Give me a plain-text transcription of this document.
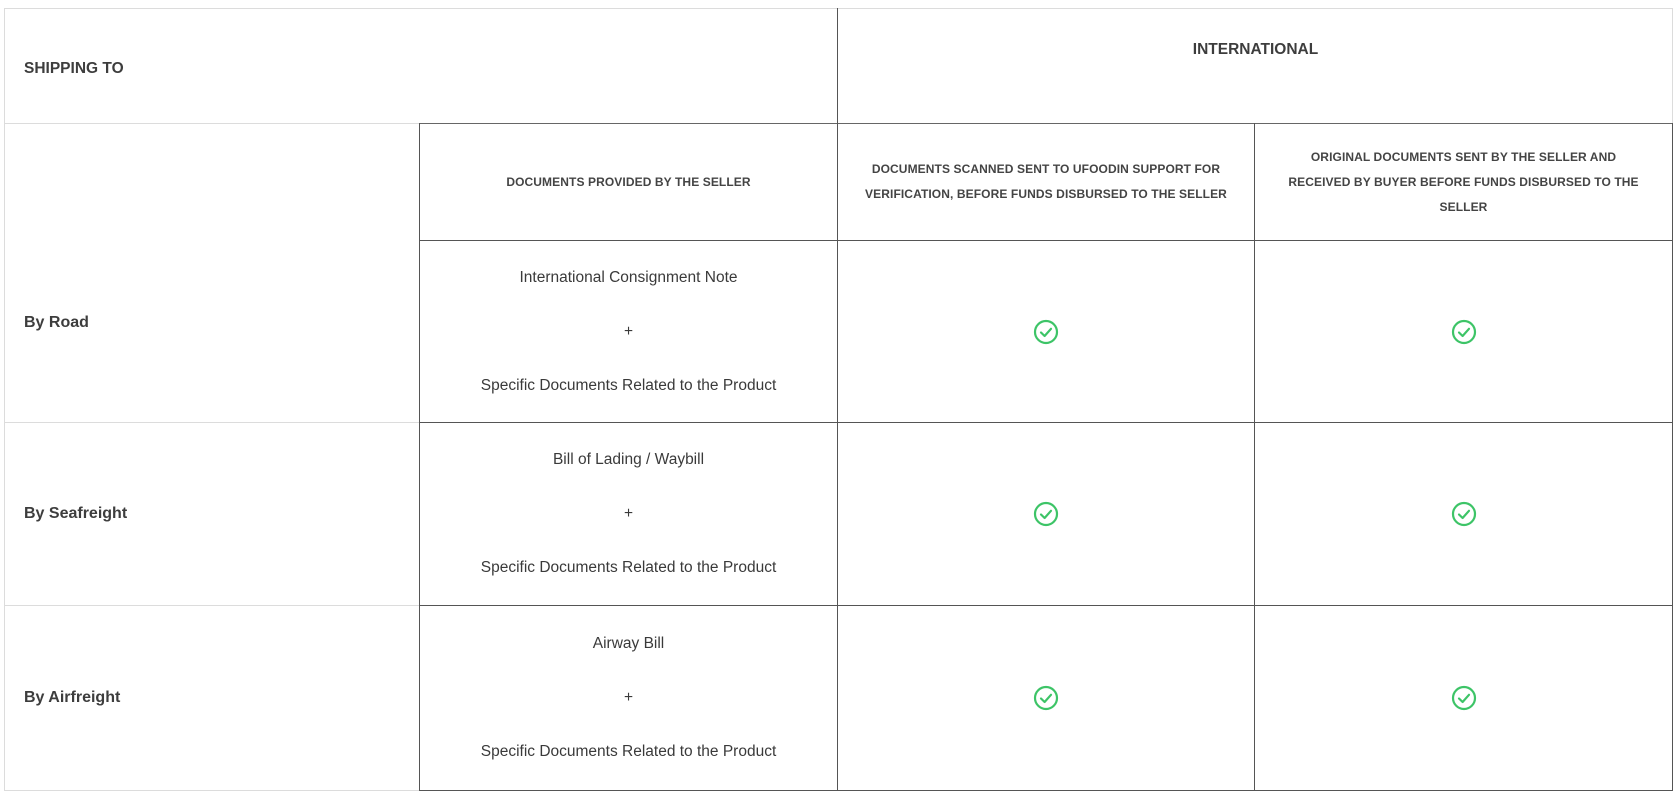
SHIPPING TO
INTERNATIONAL
DOCUMENTS PROVIDED BY THE SELLER
DOCUMENTS SCANNED SENT TO UFOODIN SUPPORT FOR VERIFICATION, BEFORE FUNDS DISBURSED TO THE SELLER
ORIGINAL DOCUMENTS SENT BY THE SELLER AND RECEIVED BY BUYER BEFORE FUNDS DISBURSED TO THE SELLER
By Road
International Consignment Note
+
Specific Documents Related to the Product
By Seafreight
Bill of Lading / Waybill
+
Specific Documents Related to the Product
By Airfreight
Airway Bill
+
Specific Documents Related to the Product
